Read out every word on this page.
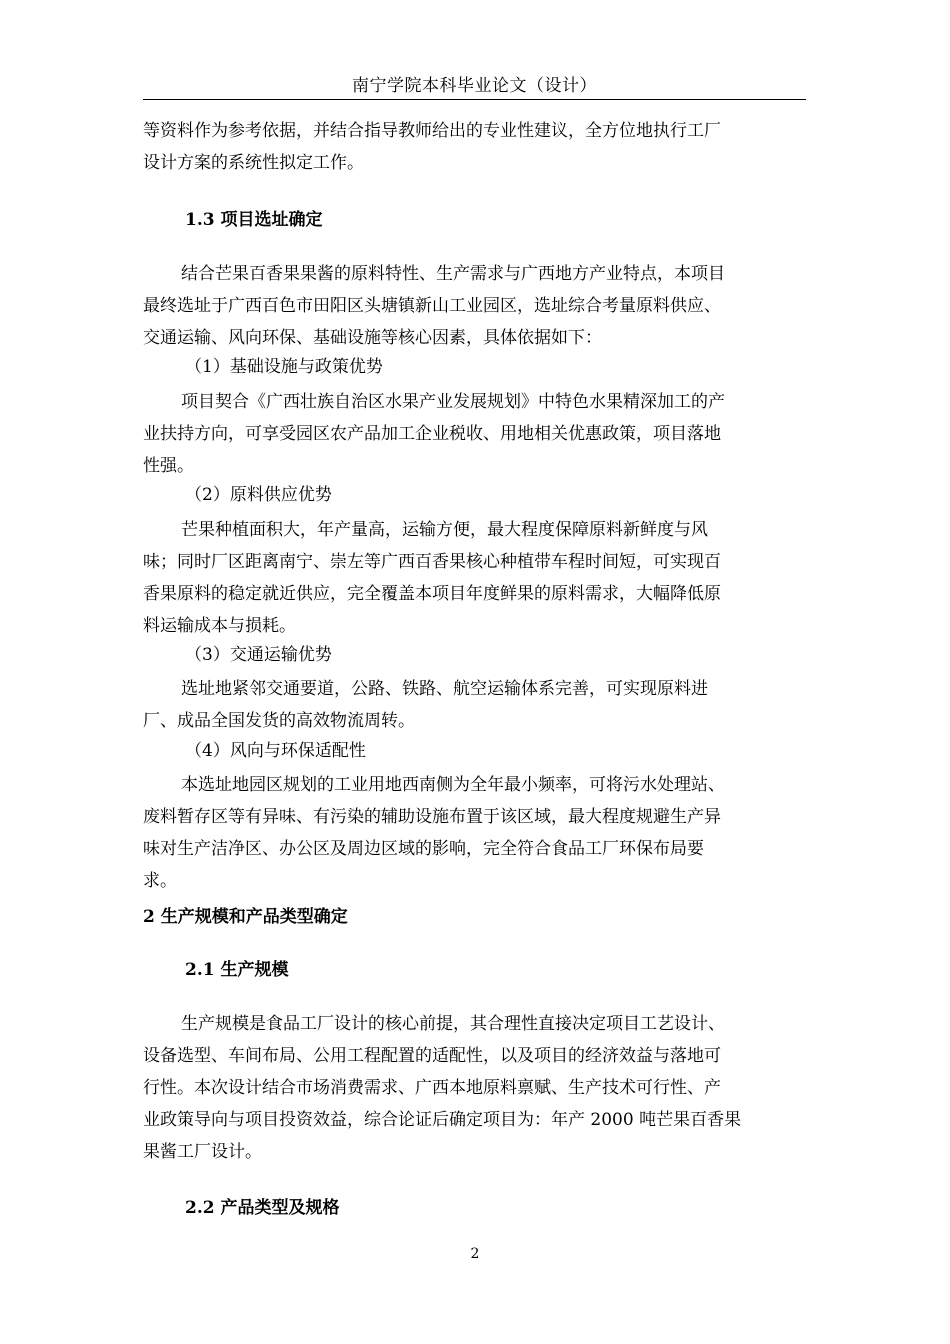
南宁学院本科毕业论文（设计）
等资料作为参考依据，并结合指导教师给出的专业性建议，全方位地执行工厂
设计方案的系统性拟定工作。
1.3 项目选址确定
结合芒果百香果果酱的原料特性、生产需求与广西地方产业特点，本项目
最终选址于广西百色市田阳区头塘镇新山工业园区，选址综合考量原料供应、
交通运输、风向环保、基础设施等核心因素，具体依据如下：
（1）基础设施与政策优势
项目契合《广西壮族自治区水果产业发展规划》中特色水果精深加工的产
业扶持方向，可享受园区农产品加工企业税收、用地相关优惠政策，项目落地
性强。
（2）原料供应优势
芒果种植面积大，年产量高，运输方便，最大程度保障原料新鲜度与风
味；同时厂区距离南宁、崇左等广西百香果核心种植带车程时间短，可实现百
香果原料的稳定就近供应，完全覆盖本项目年度鲜果的原料需求，大幅降低原
料运输成本与损耗。
（3）交通运输优势
选址地紧邻交通要道，公路、铁路、航空运输体系完善，可实现原料进
厂、成品全国发货的高效物流周转。
（4）风向与环保适配性
本选址地园区规划的工业用地西南侧为全年最小频率，可将污水处理站、
废料暂存区等有异味、有污染的辅助设施布置于该区域，最大程度规避生产异
味对生产洁净区、办公区及周边区域的影响，完全符合食品工厂环保布局要
求。
2 生产规模和产品类型确定
2.1 生产规模
生产规模是食品工厂设计的核心前提，其合理性直接决定项目工艺设计、
设备选型、车间布局、公用工程配置的适配性，以及项目的经济效益与落地可
行性。本次设计结合市场消费需求、广西本地原料禀赋、生产技术可行性、产
业政策导向与项目投资效益，综合论证后确定项目为：年产 2000 吨芒果百香果
果酱工厂设计。
2.2 产品类型及规格
2
